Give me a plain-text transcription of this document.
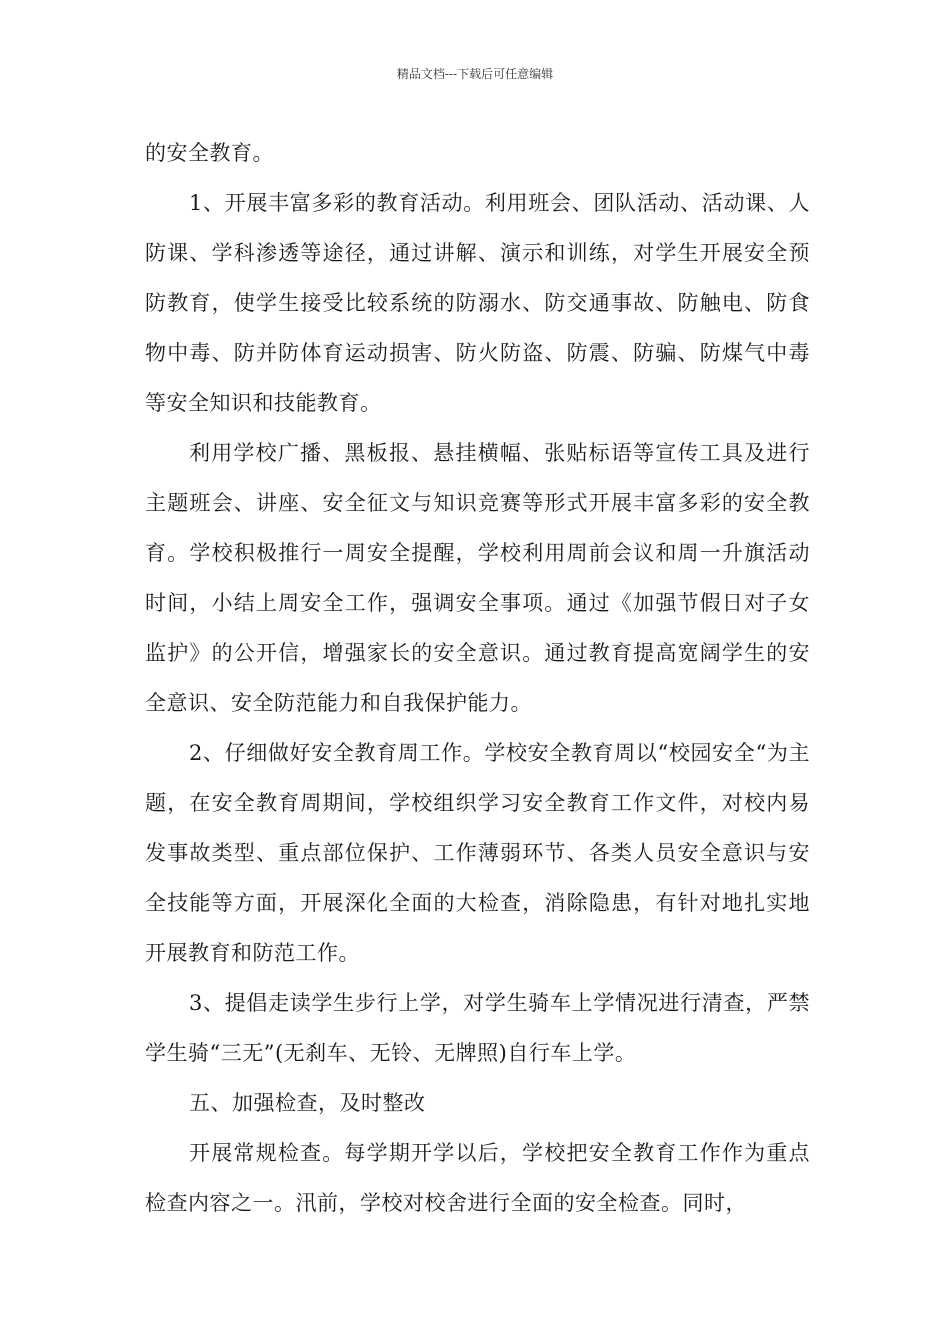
精品文档---下载后可任意编辑

的安全教育。

1、开展丰富多彩的教育活动。利用班会、团队活动、活动课、人防课、学科渗透等途径，通过讲解、演示和训练，对学生开展安全预防教育，使学生接受比较系统的防溺水、防交通事故、防触电、防食物中毒、防并防体育运动损害、防火防盗、防震、防骗、防煤气中毒等安全知识和技能教育。

利用学校广播、黑板报、悬挂横幅、张贴标语等宣传工具及进行主题班会、讲座、安全征文与知识竞赛等形式开展丰富多彩的安全教育。学校积极推行一周安全提醒，学校利用周前会议和周一升旗活动时间，小结上周安全工作，强调安全事项。通过《加强节假日对子女监护》的公开信，增强家长的安全意识。通过教育提高宽阔学生的安全意识、安全防范能力和自我保护能力。

2、仔细做好安全教育周工作。学校安全教育周以“校园安全“为主题，在安全教育周期间，学校组织学习安全教育工作文件，对校内易发事故类型、重点部位保护、工作薄弱环节、各类人员安全意识与安全技能等方面，开展深化全面的大检查，消除隐患，有针对地扎实地开展教育和防范工作。

3、提倡走读学生步行上学，对学生骑车上学情况进行清查，严禁学生骑“三无”(无刹车、无铃、无牌照)自行车上学。

五、加强检查，及时整改

开展常规检查。每学期开学以后，学校把安全教育工作作为重点检查内容之一。汛前，学校对校舍进行全面的安全检查。同时，
